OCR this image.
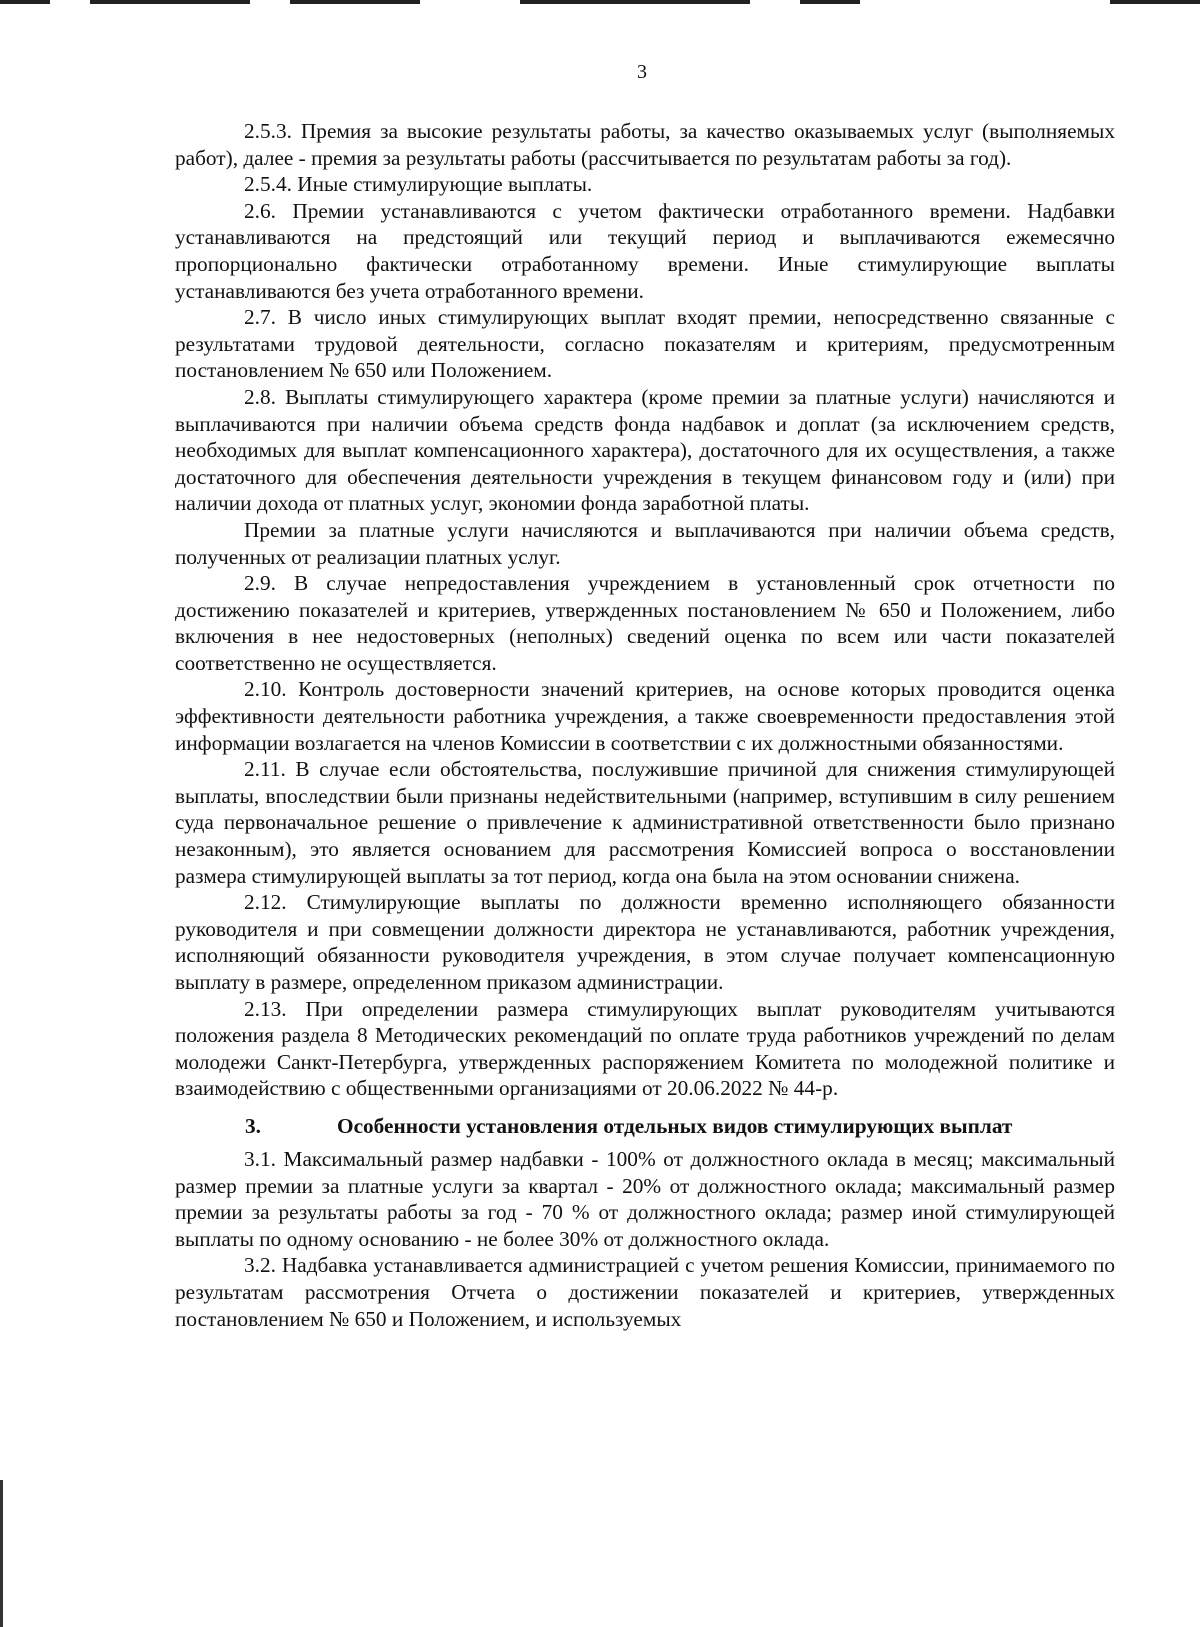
3

2.5.3. Премия за высокие результаты работы, за качество оказываемых услуг (выполняемых работ), далее - премия за результаты работы (рассчитывается по результатам работы за год).

2.5.4. Иные стимулирующие выплаты.

2.6. Премии устанавливаются с учетом фактически отработанного времени. Надбавки устанавливаются на предстоящий или текущий период и выплачиваются ежемесячно пропорционально фактически отработанному времени. Иные стимулирующие выплаты устанавливаются без учета отработанного времени.

2.7. В число иных стимулирующих выплат входят премии, непосредственно связанные с результатами трудовой деятельности, согласно показателям и критериям, предусмотренным постановлением № 650 или Положением.

2.8. Выплаты стимулирующего характера (кроме премии за платные услуги) начисляются и выплачиваются при наличии объема средств фонда надбавок и доплат (за исключением средств, необходимых для выплат компенсационного характера), достаточного для их осуществления, а также достаточного для обеспечения деятельности учреждения в текущем финансовом году и (или) при наличии дохода от платных услуг, экономии фонда заработной платы.

Премии за платные услуги начисляются и выплачиваются при наличии объема средств, полученных от реализации платных услуг.

2.9. В случае непредоставления учреждением в установленный срок отчетности по достижению показателей и критериев, утвержденных постановлением № 650 и Положением, либо включения в нее недостоверных (неполных) сведений оценка по всем или части показателей соответственно не осуществляется.

2.10. Контроль достоверности значений критериев, на основе которых проводится оценка эффективности деятельности работника учреждения, а также своевременности предоставления этой информации возлагается на членов Комиссии в соответствии с их должностными обязанностями.

2.11. В случае если обстоятельства, послужившие причиной для снижения стимулирующей выплаты, впоследствии были признаны недействительными (например, вступившим в силу решением суда первоначальное решение о привлечение к административной ответственности было признано незаконным), это является основанием для рассмотрения Комиссией вопроса о восстановлении размера стимулирующей выплаты за тот период, когда она была на этом основании снижена.

2.12. Стимулирующие выплаты по должности временно исполняющего обязанности руководителя и при совмещении должности директора не устанавливаются, работник учреждения, исполняющий обязанности руководителя учреждения, в этом случае получает компенсационную выплату в размере, определенном приказом администрации.

2.13. При определении размера стимулирующих выплат руководителям учитываются положения раздела 8 Методических рекомендаций по оплате труда работников учреждений по делам молодежи Санкт-Петербурга, утвержденных распоряжением Комитета по молодежной политике и взаимодействию с общественными организациями от 20.06.2022 № 44-р.

3.	Особенности установления отдельных видов стимулирующих выплат

3.1. Максимальный размер надбавки - 100% от должностного оклада в месяц; максимальный размер премии за платные услуги за квартал - 20% от должностного оклада; максимальный размер премии за результаты работы за год - 70 % от должностного оклада; размер иной стимулирующей выплаты по одному основанию - не более 30% от должностного оклада.

3.2. Надбавка устанавливается администрацией с учетом решения Комиссии, принимаемого по результатам рассмотрения Отчета о достижении показателей и критериев, утвержденных постановлением № 650 и Положением, и используемых
